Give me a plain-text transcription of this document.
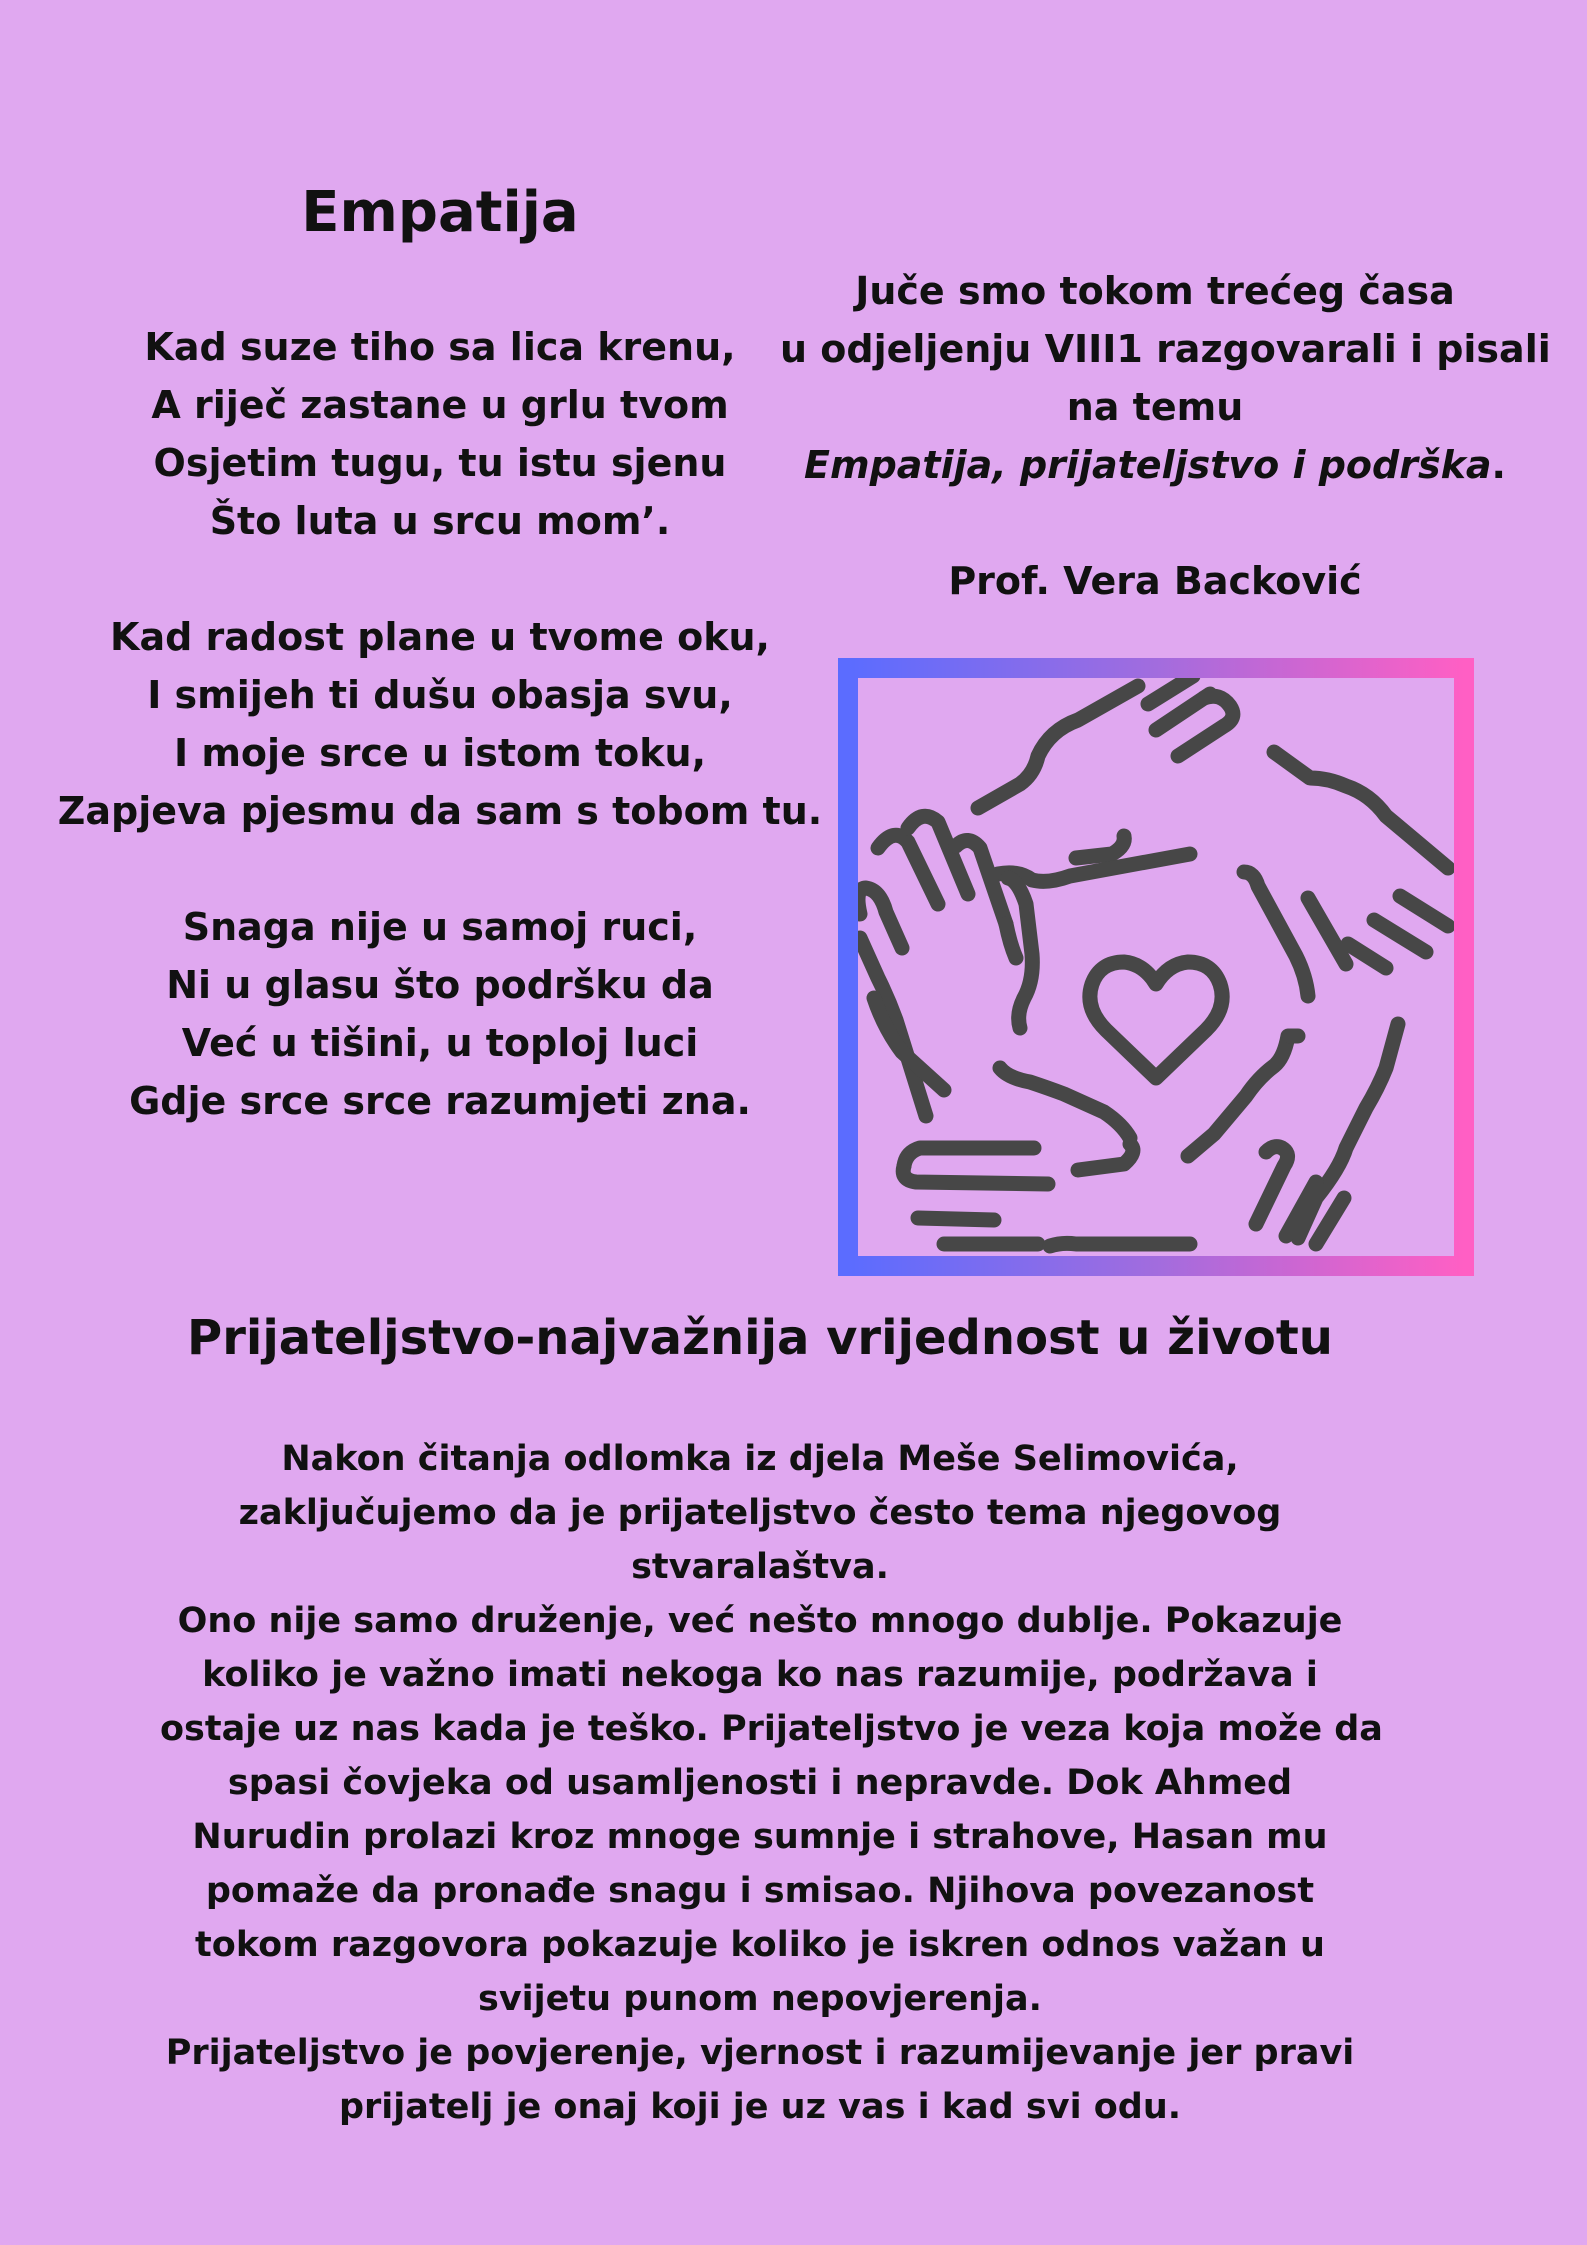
Empatija
Kad suze tiho sa lica krenu,
A riječ zastane u grlu tvom
Osjetim tugu, tu istu sjenu
Što luta u srcu mom’.
Kad radost plane u tvome oku,
I smijeh ti dušu obasja svu,
I moje srce u istom toku,
Zapjeva pjesmu da sam s tobom tu.
Snaga nije u samoj ruci,
Ni u glasu što podršku da
Već u tišini, u toploj luci
Gdje srce srce razumjeti zna.
Juče smo tokom trećeg časa
u odjeljenju VIII1 razgovarali i pisali
na temu
Empatija, prijateljstvo i podrška.
Prof. Vera Backović
Prijateljstvo-najvažnija vrijednost u životu
Nakon čitanja odlomka iz djela Meše Selimovića,
zaključujemo da je prijateljstvo često tema njegovog
stvaralaštva.
Ono nije samo druženje, već nešto mnogo dublje. Pokazuje
koliko je važno imati nekoga ko nas razumije, podržava i
ostaje uz nas kada je teško. Prijateljstvo je veza koja može da
spasi čovjeka od usamljenosti i nepravde. Dok Ahmed
Nurudin prolazi kroz mnoge sumnje i strahove, Hasan mu
pomaže da pronađe snagu i smisao. Njihova povezanost
tokom razgovora pokazuje koliko je iskren odnos važan u
svijetu punom nepovjerenja.
Prijateljstvo je povjerenje, vjernost i razumijevanje jer pravi
prijatelj je onaj koji je uz vas i kad svi odu.
